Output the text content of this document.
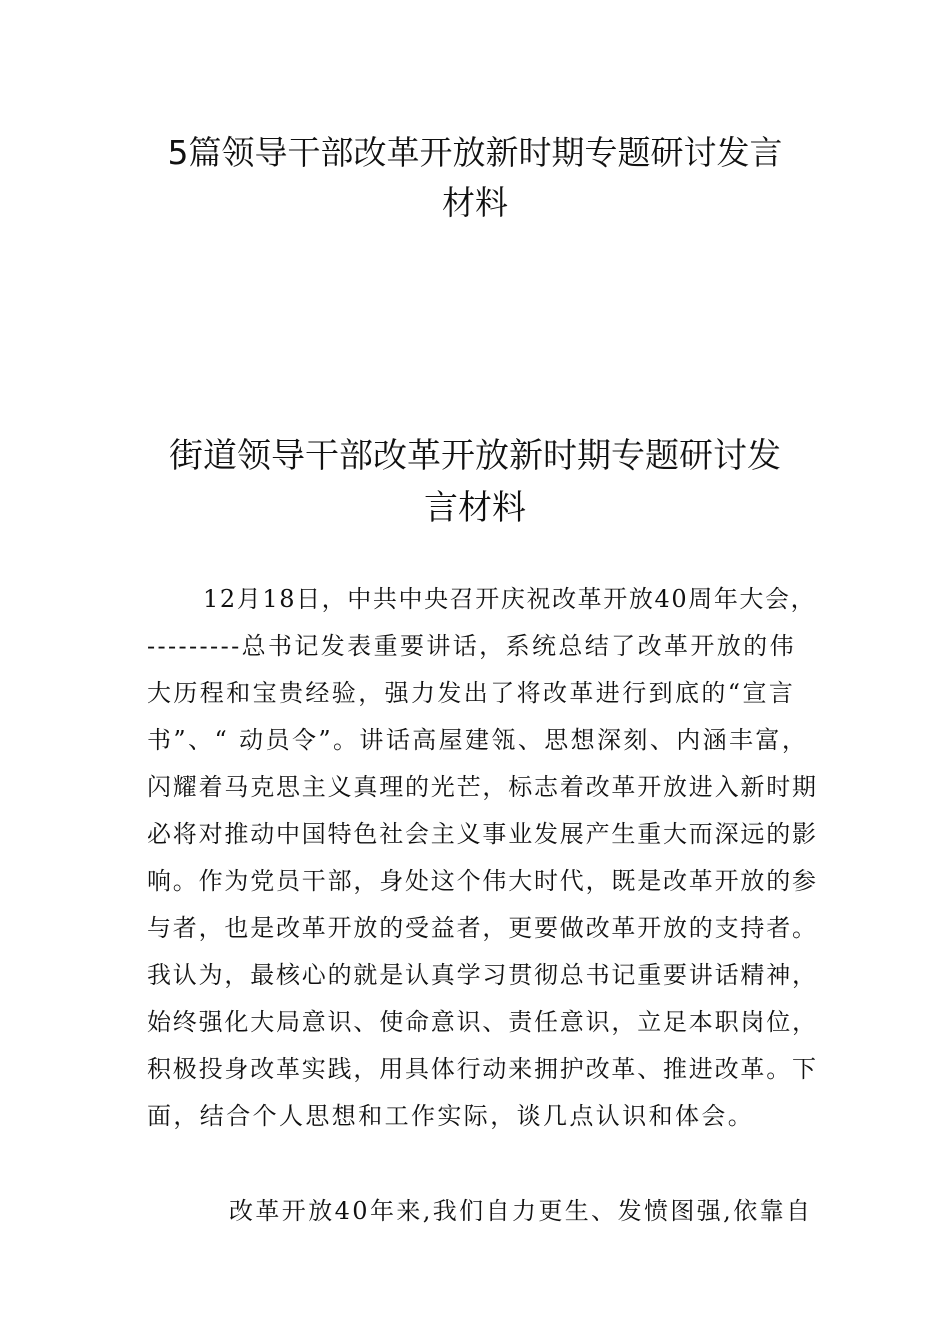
5篇领导干部改革开放新时期专题研讨发言
材料
街道领导干部改革开放新时期专题研讨发
言材料
12月18日，中共中央召开庆祝改革开放40周年大会，
---------总书记发表重要讲话，系统总结了改革开放的伟
大历程和宝贵经验，强力发出了将改革进行到底的“宣言
书”、“ 动员令”。讲话高屋建瓴、思想深刻、内涵丰富，
闪耀着马克思主义真理的光芒，标志着改革开放进入新时期
必将对推动中国特色社会主义事业发展产生重大而深远的影
响。作为党员干部，身处这个伟大时代，既是改革开放的参
与者，也是改革开放的受益者，更要做改革开放的支持者。
我认为，最核心的就是认真学习贯彻总书记重要讲话精神，
始终强化大局意识、使命意识、责任意识，立足本职岗位，
积极投身改革实践，用具体行动来拥护改革、推进改革。下
面，结合个人思想和工作实际，谈几点认识和体会。
改革开放40年来,我们自力更生、发愤图强,依靠自
